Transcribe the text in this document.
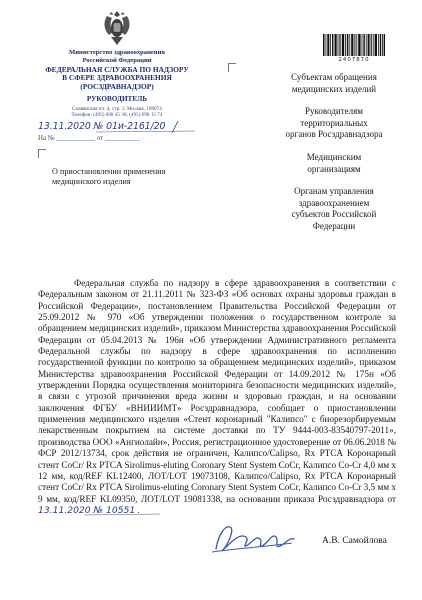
Министерство здравоохранения
Российской Федерации
ФЕДЕРАЛЬНАЯ СЛУЖБА ПО НАДЗОРУ
В СФЕРЕ ЗДРАВООХРАНЕНИЯ
(РОСЗДРАВНАДЗОР)
РУКОВОДИТЕЛЬ
Славянская пл. 4, стр. 1, Москва, 109074
Телефон: (495) 698 45 38; (495) 698 15 74
13.11.2020 № 01и-2161/20
На № ___________ от __________
О приостановлении применения
медицинского изделия
2407870

Субъектам обращения
медицинских изделий

Руководителям
территориальных
органов Росздравнадзора

Медицинским
организациям

Органам управления
здравоохранением
субъектов Российской
Федерации

Федеральная служба по надзору в сфере здравоохранения в соответствии с Федеральным законом от 21.11.2011 № 323-ФЗ «Об основах охраны здоровья граждан в Российской Федерации», постановлением Правительства Российской Федерации от 25.09.2012 № 970 «Об утверждении положения о государственном контроле за обращением медицинских изделий», приказом Министерства здравоохранения Российской Федерации от 05.04.2013 № 196н «Об утверждении Административного регламента Федеральной службы по надзору в сфере здравоохранения по исполнению государственной функции по контролю за обращением медицинских изделий», приказом Министерства здравоохранения Российской Федерации от 14.09.2012 № 175н «Об утверждении Порядка осуществления мониторинга безопасности медицинских изделий», в связи с угрозой причинения вреда жизни и здоровью граждан, и на основании заключения ФГБУ «ВНИИИМТ» Росздравнадзора, сообщает о приостановлении применения медицинского изделия «Стент коронарный "Калипсо" с биорезорбируемым лекарственным покрытием на системе доставки по ТУ 9444-003-83540797-2011», производства ООО «Ангиолайн», Россия, регистрационное удостоверение от 06.06.2018 № ФСР 2012/13734, срок действия не ограничен, Калипсо/Calipso, Rx PTCA Коронарный стент CoCr/ Rx PTCA Sirolimus-eluting Coronary Stent System CoCr, Калипсо Co-Cr 4,0 мм х 12 мм, код/REF KL12400, ЛОТ/LOT 19073108, Калипсо/Calipso, Rx PTCA Коронарный стент CoCr/ Rx PTCA Sirolimus-eluting Coronary Stent System CoCr, Калипсо Co-Cr 3,5 мм х 9 мм, код/REF KL09350, ЛОТ/LOT 19081338, на основании приказа Росздравнадзора от 13.11.2020 № 10551 .

А.В. Самойлова
